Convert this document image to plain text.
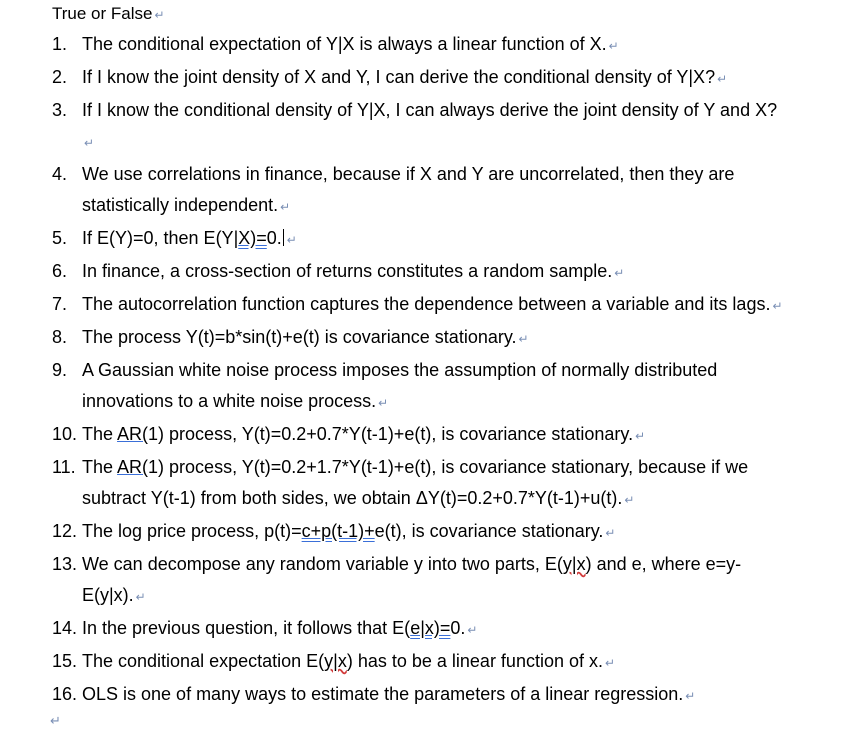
True or False ↵
1. The conditional expectation of Y|X is always a linear function of X. ↵
2. If I know the joint density of X and Y, I can derive the conditional density of Y|X? ↵
3. If I know the conditional density of Y|X, I can always derive the joint density of Y and X?↵
4. We use correlations in finance, because if X and Y are uncorrelated, then they are statistically independent. ↵
5. If E(Y)=0, then E(Y|X)=0. ↵
6. In finance, a cross-section of returns constitutes a random sample. ↵
7. The autocorrelation function captures the dependence between a variable and its lags. ↵
8. The process Y(t)=b*sin(t)+e(t) is covariance stationary. ↵
9. A Gaussian white noise process imposes the assumption of normally distributed innovations to a white noise process. ↵
10. The AR(1) process, Y(t)=0.2+0.7*Y(t-1)+e(t), is covariance stationary. ↵
11. The AR(1) process, Y(t)=0.2+1.7*Y(t-1)+e(t), is covariance stationary, because if we subtract Y(t-1) from both sides, we obtain ΔY(t)=0.2+0.7*Y(t-1)+u(t). ↵
12. The log price process, p(t)=c+p(t-1)+e(t), is covariance stationary. ↵
13. We can decompose any random variable y into two parts, E(y|x) and e, where e=y-E(y|x). ↵
14. In the previous question, it follows that E(e|x)=0. ↵
15. The conditional expectation E(y|x) has to be a linear function of x. ↵
16. OLS is one of many ways to estimate the parameters of a linear regression. ↵
↵
